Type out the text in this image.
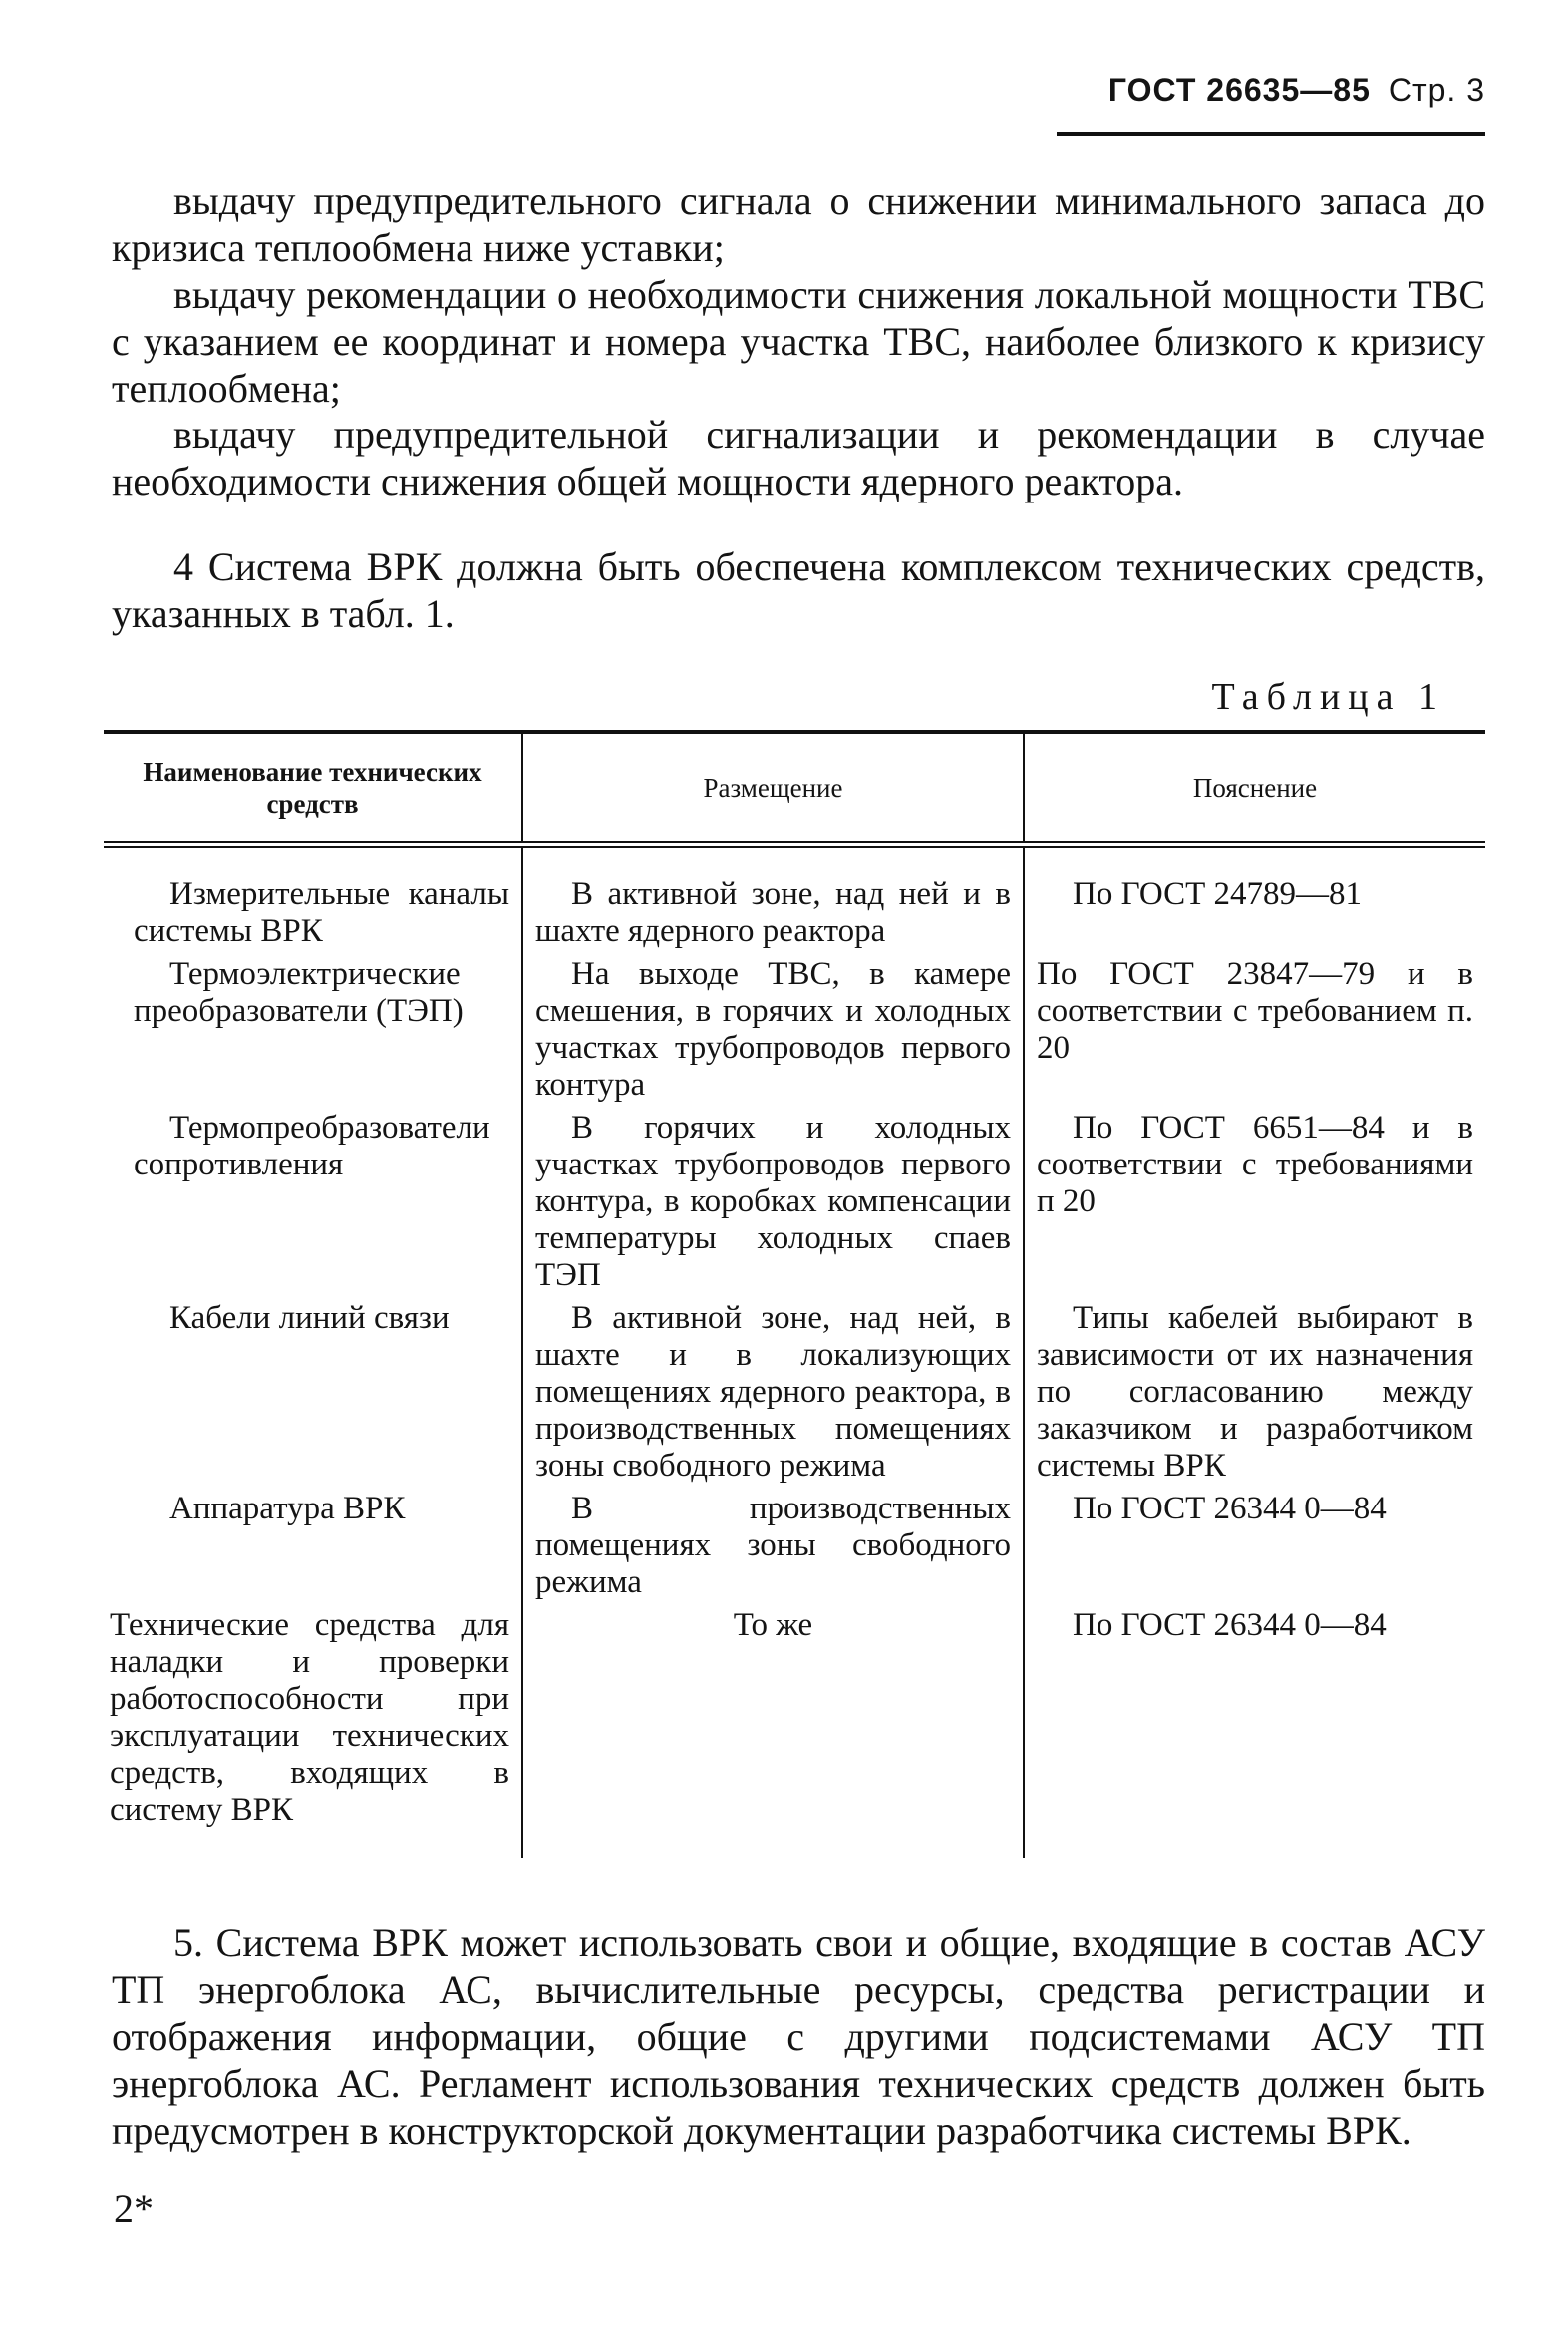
ГОСТ 26635—85 Стр. 3

выдачу предупредительного сигнала о снижении минимального запаса до кризиса теплообмена ниже уставки;

выдачу рекомендации о необходимости снижения локальной мощности ТВС с указанием ее координат и номера участка ТВС, наиболее близкого к кризису теплообмена;

выдачу предупредительной сигнализации и рекомендации в случае необходимости снижения общей мощности ядерного реактора.

4 Система ВРК должна быть обеспечена комплексом технических средств, указанных в табл. 1.

Таблица 1
Наименование технических средств	Размещение	Пояснение
Измерительные каналы системы ВРК	В активной зоне, над ней и в шахте ядерного реактора	По ГОСТ 24789—81
Термоэлектрические преобразователи (ТЭП)	На выходе ТВС, в камере смешения, в горячих и холодных участках трубопроводов первого контура	По ГОСТ 23847—79 и в соответствии с требованием п. 20
Термопреобразователи сопротивления	В горячих и холодных участках трубопроводов первого контура, в коробках компенсации температуры холодных спаев ТЭП	По ГОСТ 6651—84 и в соответствии с требованиями п 20
Кабели линий связи	В активной зоне, над ней, в шахте и в локализующих помещениях ядерного реактора, в производственных помещениях зоны свободного режима	Типы кабелей выбирают в зависимости от их назначения по согласованию между заказчиком и разработчиком системы ВРК
Аппаратура ВРК	В производственных помещениях зоны свободного режима	По ГОСТ 26344 0—84
Технические средства для наладки и проверки работоспособности при эксплуатации технических средств, входящих в систему ВРК	То же	По ГОСТ 26344 0—84

5. Система ВРК может использовать свои и общие, входящие в состав АСУ ТП энергоблока АС, вычислительные ресурсы, средства регистрации и отображения информации, общие с другими подсистемами АСУ ТП энергоблока АС. Регламент использования технических средств должен быть предусмотрен в конструкторской документации разработчика системы ВРК.

2*
